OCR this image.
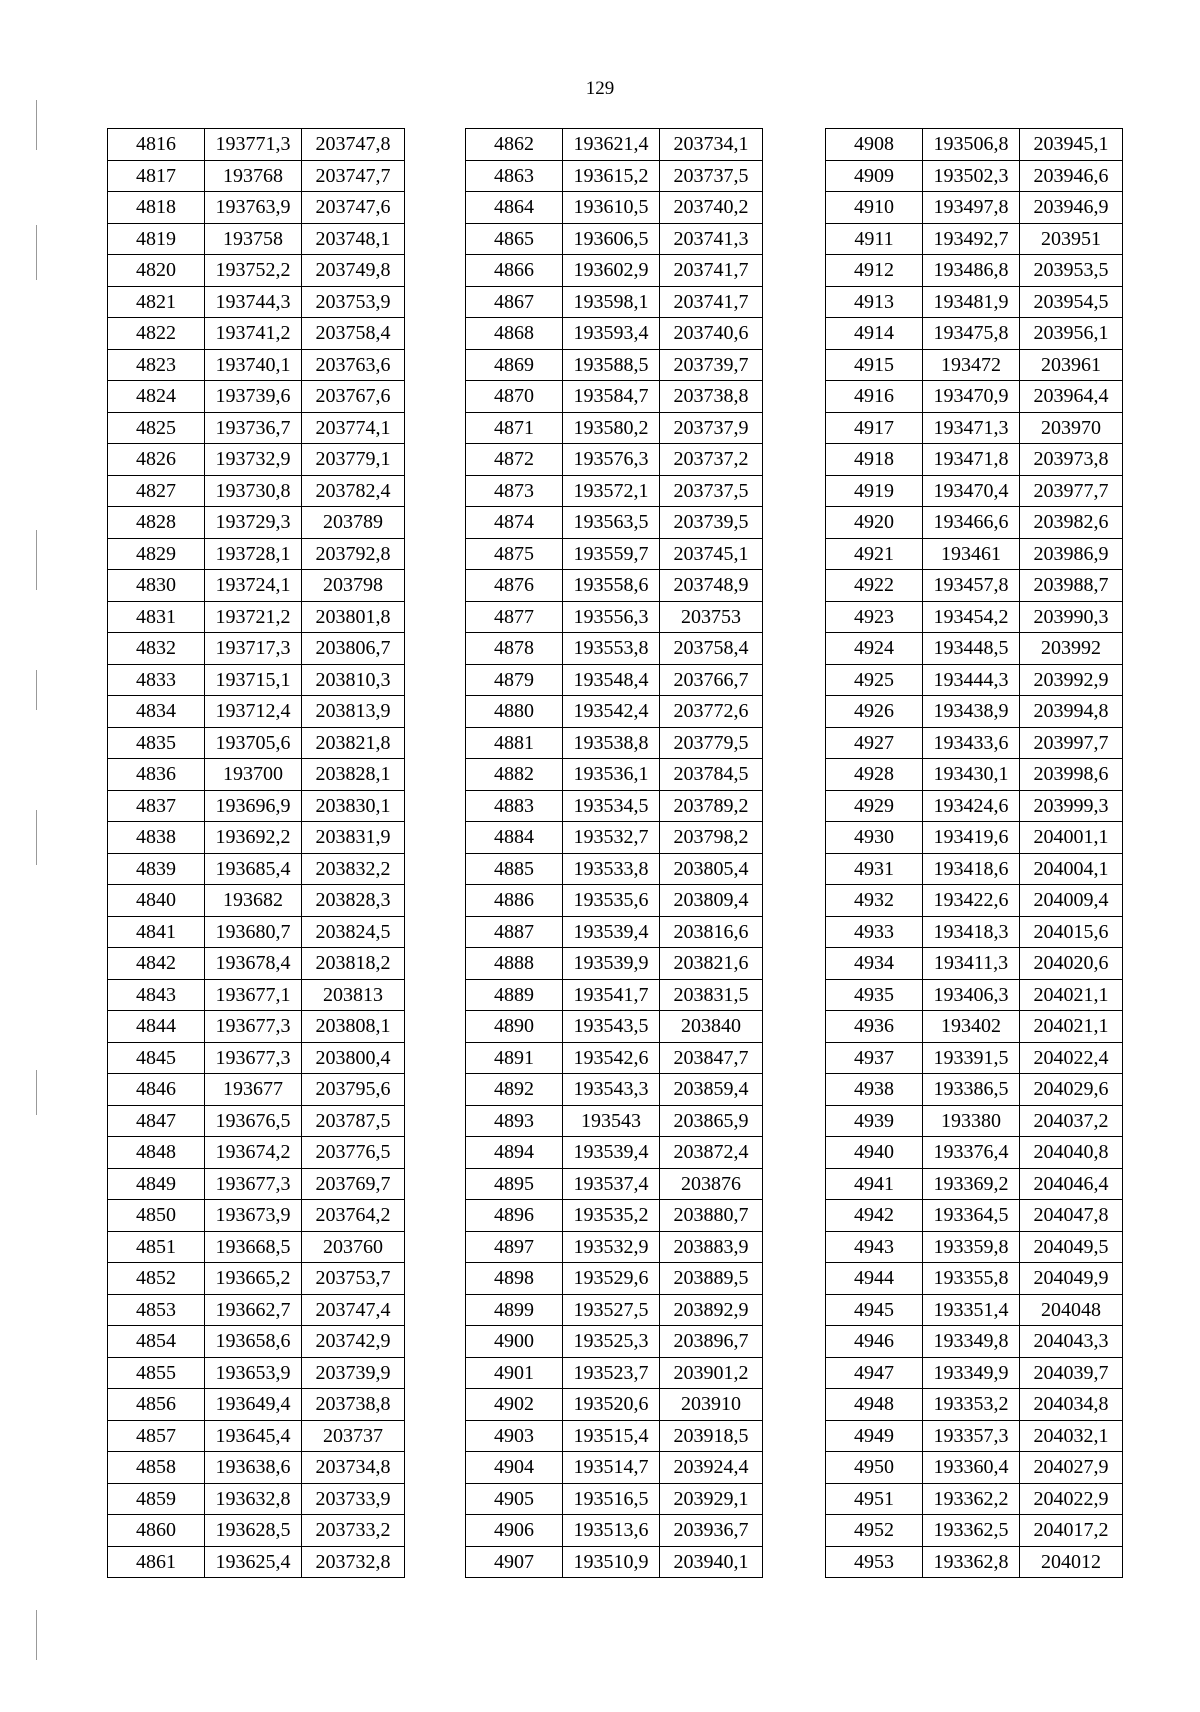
129
4816	193771,3	203747,8
4817	193768	203747,7
4818	193763,9	203747,6
4819	193758	203748,1
4820	193752,2	203749,8
4821	193744,3	203753,9
4822	193741,2	203758,4
4823	193740,1	203763,6
4824	193739,6	203767,6
4825	193736,7	203774,1
4826	193732,9	203779,1
4827	193730,8	203782,4
4828	193729,3	203789
4829	193728,1	203792,8
4830	193724,1	203798
4831	193721,2	203801,8
4832	193717,3	203806,7
4833	193715,1	203810,3
4834	193712,4	203813,9
4835	193705,6	203821,8
4836	193700	203828,1
4837	193696,9	203830,1
4838	193692,2	203831,9
4839	193685,4	203832,2
4840	193682	203828,3
4841	193680,7	203824,5
4842	193678,4	203818,2
4843	193677,1	203813
4844	193677,3	203808,1
4845	193677,3	203800,4
4846	193677	203795,6
4847	193676,5	203787,5
4848	193674,2	203776,5
4849	193677,3	203769,7
4850	193673,9	203764,2
4851	193668,5	203760
4852	193665,2	203753,7
4853	193662,7	203747,4
4854	193658,6	203742,9
4855	193653,9	203739,9
4856	193649,4	203738,8
4857	193645,4	203737
4858	193638,6	203734,8
4859	193632,8	203733,9
4860	193628,5	203733,2
4861	193625,4	203732,8
4862	193621,4	203734,1
4863	193615,2	203737,5
4864	193610,5	203740,2
4865	193606,5	203741,3
4866	193602,9	203741,7
4867	193598,1	203741,7
4868	193593,4	203740,6
4869	193588,5	203739,7
4870	193584,7	203738,8
4871	193580,2	203737,9
4872	193576,3	203737,2
4873	193572,1	203737,5
4874	193563,5	203739,5
4875	193559,7	203745,1
4876	193558,6	203748,9
4877	193556,3	203753
4878	193553,8	203758,4
4879	193548,4	203766,7
4880	193542,4	203772,6
4881	193538,8	203779,5
4882	193536,1	203784,5
4883	193534,5	203789,2
4884	193532,7	203798,2
4885	193533,8	203805,4
4886	193535,6	203809,4
4887	193539,4	203816,6
4888	193539,9	203821,6
4889	193541,7	203831,5
4890	193543,5	203840
4891	193542,6	203847,7
4892	193543,3	203859,4
4893	193543	203865,9
4894	193539,4	203872,4
4895	193537,4	203876
4896	193535,2	203880,7
4897	193532,9	203883,9
4898	193529,6	203889,5
4899	193527,5	203892,9
4900	193525,3	203896,7
4901	193523,7	203901,2
4902	193520,6	203910
4903	193515,4	203918,5
4904	193514,7	203924,4
4905	193516,5	203929,1
4906	193513,6	203936,7
4907	193510,9	203940,1
4908	193506,8	203945,1
4909	193502,3	203946,6
4910	193497,8	203946,9
4911	193492,7	203951
4912	193486,8	203953,5
4913	193481,9	203954,5
4914	193475,8	203956,1
4915	193472	203961
4916	193470,9	203964,4
4917	193471,3	203970
4918	193471,8	203973,8
4919	193470,4	203977,7
4920	193466,6	203982,6
4921	193461	203986,9
4922	193457,8	203988,7
4923	193454,2	203990,3
4924	193448,5	203992
4925	193444,3	203992,9
4926	193438,9	203994,8
4927	193433,6	203997,7
4928	193430,1	203998,6
4929	193424,6	203999,3
4930	193419,6	204001,1
4931	193418,6	204004,1
4932	193422,6	204009,4
4933	193418,3	204015,6
4934	193411,3	204020,6
4935	193406,3	204021,1
4936	193402	204021,1
4937	193391,5	204022,4
4938	193386,5	204029,6
4939	193380	204037,2
4940	193376,4	204040,8
4941	193369,2	204046,4
4942	193364,5	204047,8
4943	193359,8	204049,5
4944	193355,8	204049,9
4945	193351,4	204048
4946	193349,8	204043,3
4947	193349,9	204039,7
4948	193353,2	204034,8
4949	193357,3	204032,1
4950	193360,4	204027,9
4951	193362,2	204022,9
4952	193362,5	204017,2
4953	193362,8	204012
